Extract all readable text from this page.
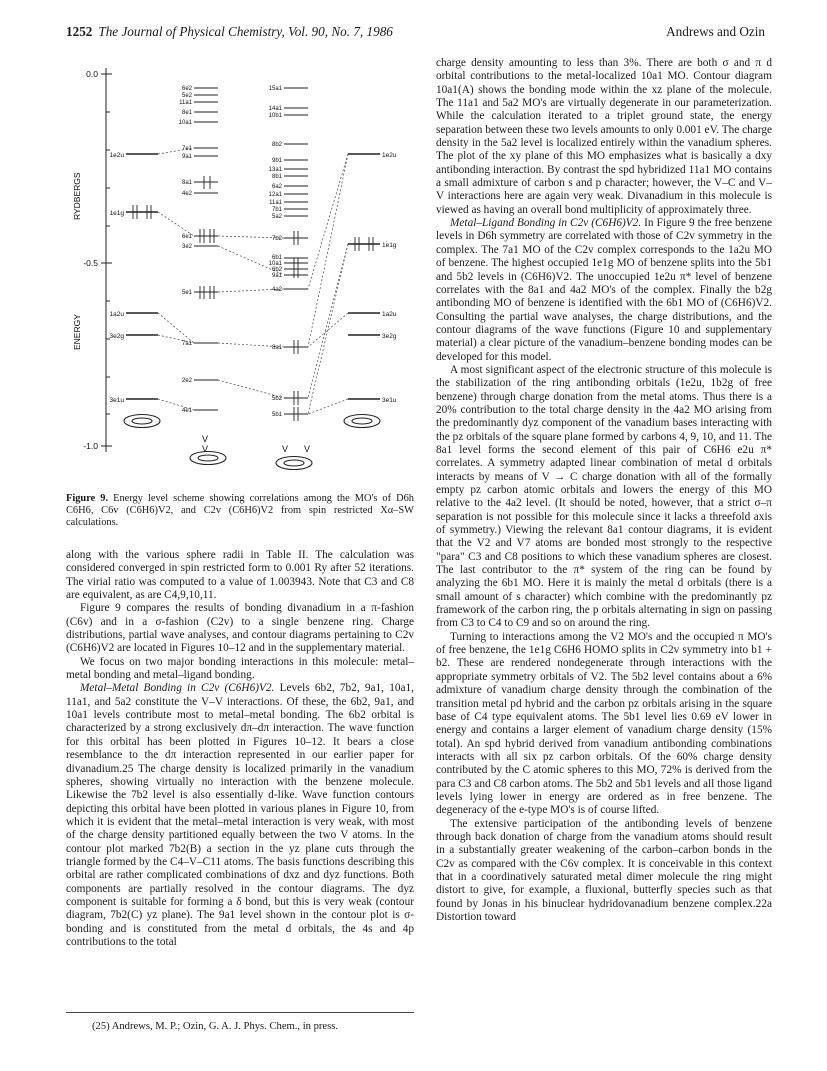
1252 The Journal of Physical Chemistry, Vol. 90, No. 7, 1986	Andrews and Ozin
V
V	V V
0.0
-0.5
-1.0
ENERGY
RYDBERGS
1e2u
1e1g
1a2u
3e2g
3e1u
1e2u
1e1g
1a2u
3e2g
3e1u
6e2
5e2
11a1
8e1
10a1
7e1
9a1
8a1
4e2
6e1
3e2
5e1
7a1
2e2
4e1
15a1
14a1
10b1
8b2
9b1
13a1
8b1
6a2
12a1
11a1
7b1
5a2
7b2
6b1
10a1
6b2
9a1
4a2
8a1
5b2
5b1
Figure 9. Energy level scheme showing correlations among the MO's of D6h C6H6, C6v (C6H6)V2, and C2v (C6H6)V2 from spin restricted Xα–SW calculations.

along with the various sphere radii in Table II. The calculation was considered converged in spin restricted form to 0.001 Ry after 52 iterations. The virial ratio was computed to a value of 1.003943. Note that C3 and C8 are equivalent, as are C4,9,10,11.

Figure 9 compares the results of bonding divanadium in a π-fashion (C6v) and in a σ-fashion (C2v) to a single benzene ring. Charge distributions, partial wave analyses, and contour diagrams pertaining to C2v (C6H6)V2 are located in Figures 10–12 and in the supplementary material.

We focus on two major bonding interactions in this molecule: metal–metal bonding and metal–ligand bonding.

Metal–Metal Bonding in C2v (C6H6)V2. Levels 6b2, 7b2, 9a1, 10a1, 11a1, and 5a2 constitute the V–V interactions. Of these, the 6b2, 9a1, and 10a1 levels contribute most to metal–metal bonding. The 6b2 orbital is characterized by a strong exclusively dπ–dπ interaction. The wave function for this orbital has been plotted in Figures 10–12. It bears a close resemblance to the dπ interaction represented in our earlier paper for divanadium.25 The charge density is localized primarily in the vanadium spheres, showing virtually no interaction with the benzene molecule. Likewise the 7b2 level is also essentially d-like. Wave function contours depicting this orbital have been plotted in various planes in Figure 10, from which it is evident that the metal–metal interaction is very weak, with most of the charge density partitioned equally between the two V atoms. In the contour plot marked 7b2(B) a section in the yz plane cuts through the triangle formed by the C4–V–C11 atoms. The basis functions describing this orbital are rather complicated combinations of dxz and dyz functions. Both components are partially resolved in the contour diagrams. The dyz component is suitable for forming a δ bond, but this is very weak (contour diagram, 7b2(C) yz plane). The 9a1 level shown in the contour plot is σ-bonding and is constituted from the metal d orbitals, the 4s and 4p contributions to the total

charge density amounting to less than 3%. There are both σ and π d orbital contributions to the metal-localized 10a1 MO. Contour diagram 10a1(A) shows the bonding mode within the xz plane of the molecule. The 11a1 and 5a2 MO's are virtually degenerate in our parameterization. While the calculation iterated to a triplet ground state, the energy separation between these two levels amounts to only 0.001 eV. The charge density in the 5a2 level is localized entirely within the vanadium spheres. The plot of the xy plane of this MO emphasizes what is basically a dxy antibonding interaction. By contrast the spd hybridized 11a1 MO contains a small admixture of carbon s and p character; however, the V–C and V–V interactions here are again very weak. Divanadium in this molecule is viewed as having an overall bond multiplicity of approximately three.

Metal–Ligand Bonding in C2v (C6H6)V2. In Figure 9 the free benzene levels in D6h symmetry are correlated with those of C2v symmetry in the complex. The 7a1 MO of the C2v complex corresponds to the 1a2u MO of benzene. The highest occupied 1e1g MO of benzene splits into the 5b1 and 5b2 levels in (C6H6)V2. The unoccupied 1e2u π* level of benzene correlates with the 8a1 and 4a2 MO's of the complex. Finally the b2g antibonding MO of benzene is identified with the 6b1 MO of (C6H6)V2. Consulting the partial wave analyses, the charge distributions, and the contour diagrams of the wave functions (Figure 10 and supplementary material) a clear picture of the vanadium–benzene bonding modes can be developed for this model.

A most significant aspect of the electronic structure of this molecule is the stabilization of the ring antibonding orbitals (1e2u, 1b2g of free benzene) through charge donation from the metal atoms. Thus there is a 20% contribution to the total charge density in the 4a2 MO arising from the predominantly dyz component of the vanadium bases interacting with the pz orbitals of the square plane formed by carbons 4, 9, 10, and 11. The 8a1 level forms the second element of this pair of C6H6 e2u π* correlates. A symmetry adapted linear combination of metal d orbitals interacts by means of V → C charge donation with all of the formally empty pz carbon atomic orbitals and lowers the energy of this MO relative to the 4a2 level. (It should be noted, however, that a strict σ–π separation is not possible for this molecule since it lacks a threefold axis of symmetry.) Viewing the relevant 8a1 contour diagrams, it is evident that the V2 and V7 atoms are bonded most strongly to the respective "para" C3 and C8 positions to which these vanadium spheres are closest. The last contributor to the π* system of the ring can be found by analyzing the 6b1 MO. Here it is mainly the metal d orbitals (there is a small amount of s character) which combine with the predominantly pz framework of the carbon ring, the p orbitals alternating in sign on passing from C3 to C4 to C9 and so on around the ring.

Turning to interactions among the V2 MO's and the occupied π MO's of free benzene, the 1e1g C6H6 HOMO splits in C2v symmetry into b1 + b2. These are rendered nondegenerate through interactions with the appropriate symmetry orbitals of V2. The 5b2 level contains about a 6% admixture of vanadium charge density through the combination of the transition metal pd hybrid and the carbon pz orbitals arising in the square base of C4 type equivalent atoms. The 5b1 level lies 0.69 eV lower in energy and contains a larger element of vanadium charge density (15% total). An spd hybrid derived from vanadium antibonding combinations interacts with all six pz carbon orbitals. Of the 60% charge density contributed by the C atomic spheres to this MO, 72% is derived from the para C3 and C8 carbon atoms. The 5b2 and 5b1 levels and all those ligand levels lying lower in energy are ordered as in free benzene. The degeneracy of the e-type MO's is of course lifted.

The extensive participation of the antibonding levels of benzene through back donation of charge from the vanadium atoms should result in a substantially greater weakening of the carbon–carbon bonds in the C2v as compared with the C6v complex. It is conceivable in this context that in a coordinatively saturated metal dimer molecule the ring might distort to give, for example, a fluxional, butterfly species such as that found by Jonas in his binuclear hydridovanadium benzene complex.22a Distortion toward

(25) Andrews, M. P.; Ozin, G. A. J. Phys. Chem., in press.
